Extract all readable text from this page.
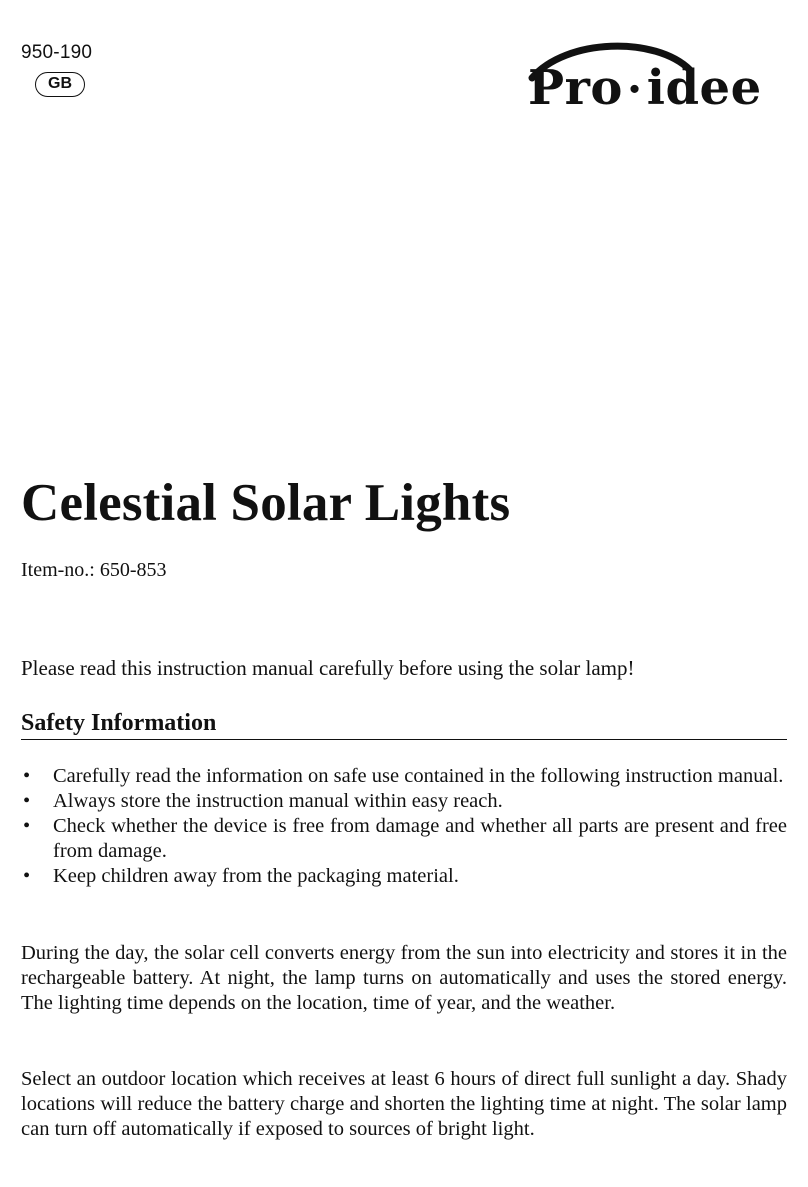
950-190
GB	Pro·idee
Celestial Solar Lights
Item-no.: 650-853
Please read this instruction manual carefully before using the solar lamp!
Safety Information
• Carefully read the information on safe use contained in the following instruction manual.
• Always store the instruction manual within easy reach.
• Check whether the device is free from damage and whether all parts are present and free from damage.
• Keep children away from the packaging material.

During the day, the solar cell converts energy from the sun into electricity and stores it in the rechargeable battery. At night, the lamp turns on automatically and uses the stored energy. The lighting time depends on the location, time of year, and the weather.

Select an outdoor location which receives at least 6 hours of direct full sunlight a day. Shady locations will reduce the battery charge and shorten the lighting time at night. The solar lamp can turn off automatically if exposed to sources of bright light.
